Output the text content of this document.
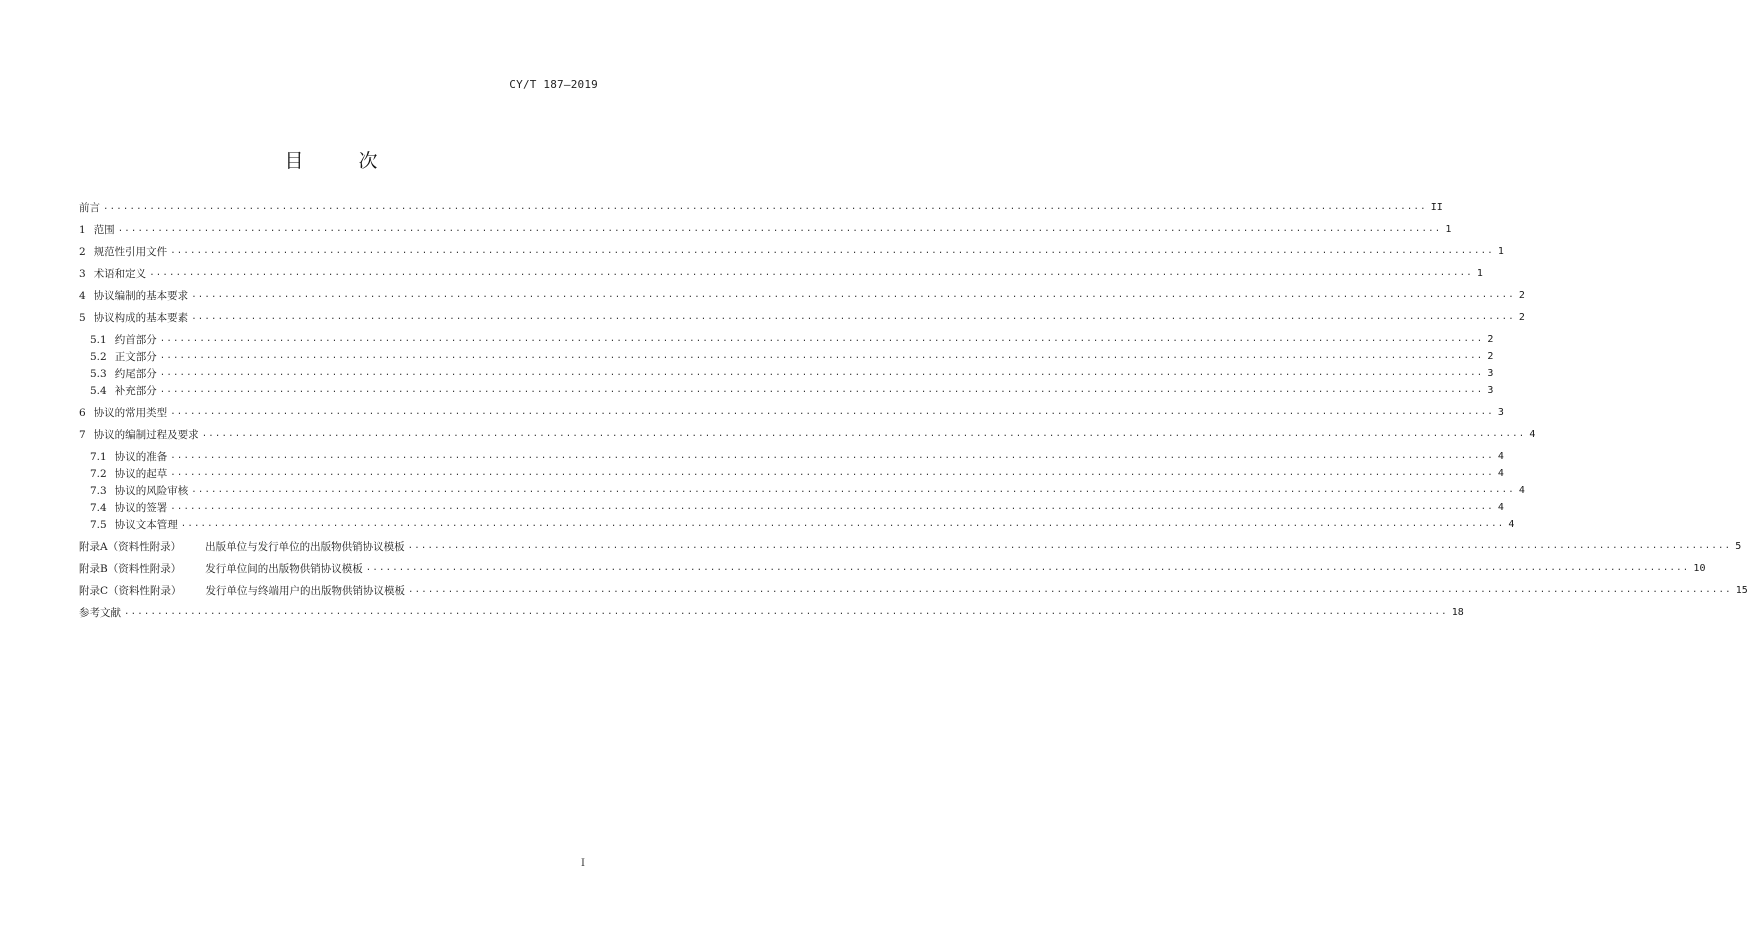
CY/T 187—2019
目　次
前言 ........................................................................................................................................................................................................ II
1 范围 ........................................................................................................................................................................................................ 1
2 规范性引用文件 ........................................................................................................................................................................................................ 1
3 术语和定义 ........................................................................................................................................................................................................ 1
4 协议编制的基本要求 ........................................................................................................................................................................................................ 2
5 协议构成的基本要素 ........................................................................................................................................................................................................ 2
5.1 约首部分 ........................................................................................................................................................................................................ 2
5.2 正文部分 ........................................................................................................................................................................................................ 2
5.3 约尾部分 ........................................................................................................................................................................................................ 3
5.4 补充部分 ........................................................................................................................................................................................................ 3
6 协议的常用类型 ........................................................................................................................................................................................................ 3
7 协议的编制过程及要求 ........................................................................................................................................................................................................ 4
7.1 协议的准备 ........................................................................................................................................................................................................ 4
7.2 协议的起草 ........................................................................................................................................................................................................ 4
7.3 协议的风险审核 ........................................................................................................................................................................................................ 4
7.4 协议的签署 ........................................................................................................................................................................................................ 4
7.5 协议文本管理 ........................................................................................................................................................................................................ 4
附录A（资料性附录） 出版单位与发行单位的出版物供销协议模板 ........................................................................................................................................................................................................ 5
附录B（资料性附录） 发行单位间的出版物供销协议模板 ........................................................................................................................................................................................................ 10
附录C（资料性附录） 发行单位与终端用户的出版物供销协议模板 ........................................................................................................................................................................................................ 15
参考文献 ........................................................................................................................................................................................................ 18
I
